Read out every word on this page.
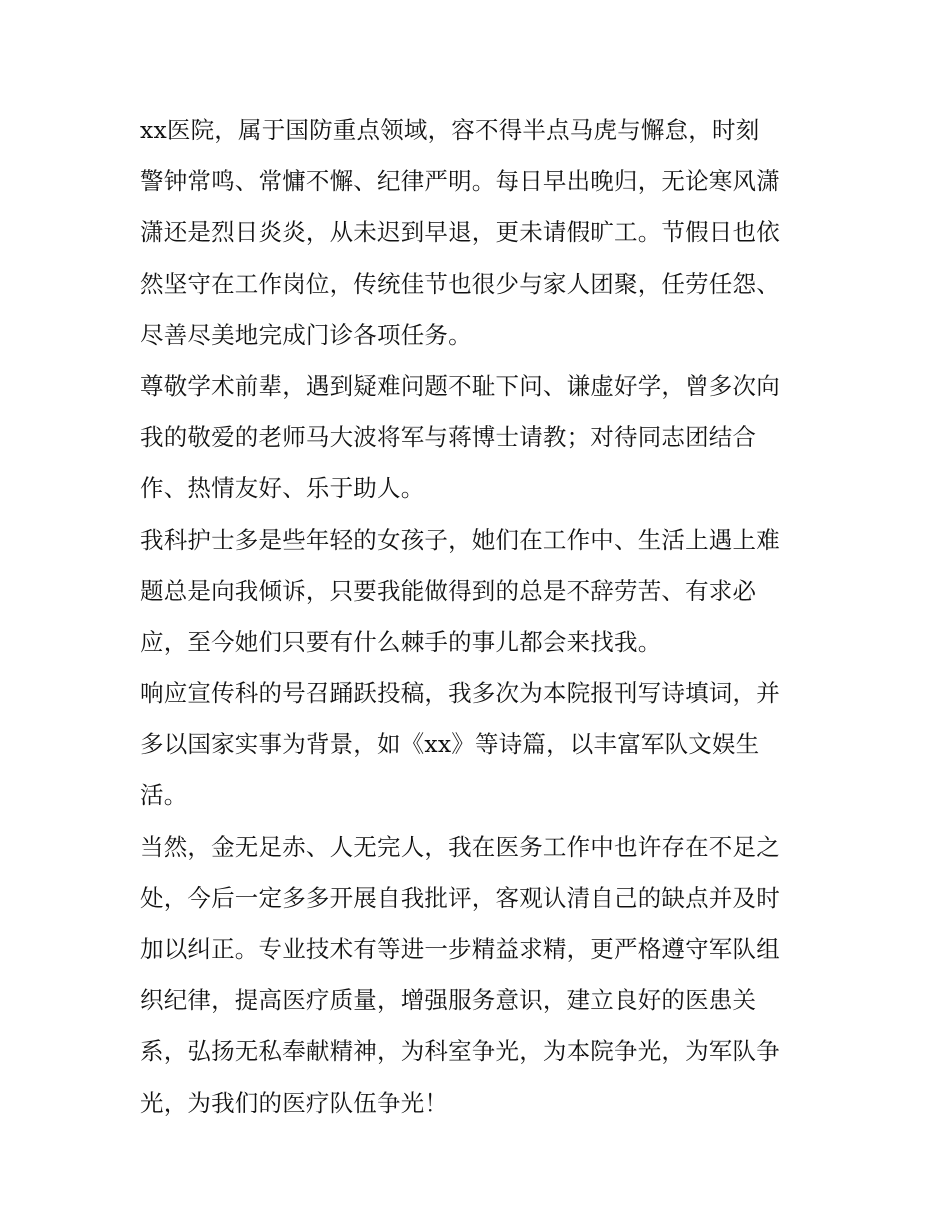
xx医院，属于国防重点领域，容不得半点马虎与懈怠，时刻
警钟常鸣、常慵不懈、纪律严明。每日早出晚归，无论寒风潇
潇还是烈日炎炎，从未迟到早退，更未请假旷工。节假日也依
然坚守在工作岗位，传统佳节也很少与家人团聚，任劳任怨、
尽善尽美地完成门诊各项任务。
尊敬学术前辈，遇到疑难问题不耻下问、谦虚好学，曾多次向
我的敬爱的老师马大波将军与蒋博士请教；对待同志团结合
作、热情友好、乐于助人。
我科护士多是些年轻的女孩子，她们在工作中、生活上遇上难
题总是向我倾诉，只要我能做得到的总是不辞劳苦、有求必
应，至今她们只要有什么棘手的事儿都会来找我。
响应宣传科的号召踊跃投稿，我多次为本院报刊写诗填词，并
多以国家实事为背景，如《xx》等诗篇，以丰富军队文娱生
活。
当然，金无足赤、人无完人，我在医务工作中也许存在不足之
处，今后一定多多开展自我批评，客观认清自己的缺点并及时
加以纠正。专业技术有等进一步精益求精，更严格遵守军队组
织纪律，提高医疗质量，增强服务意识，建立良好的医患关
系，弘扬无私奉献精神，为科室争光，为本院争光，为军队争
光，为我们的医疗队伍争光！
